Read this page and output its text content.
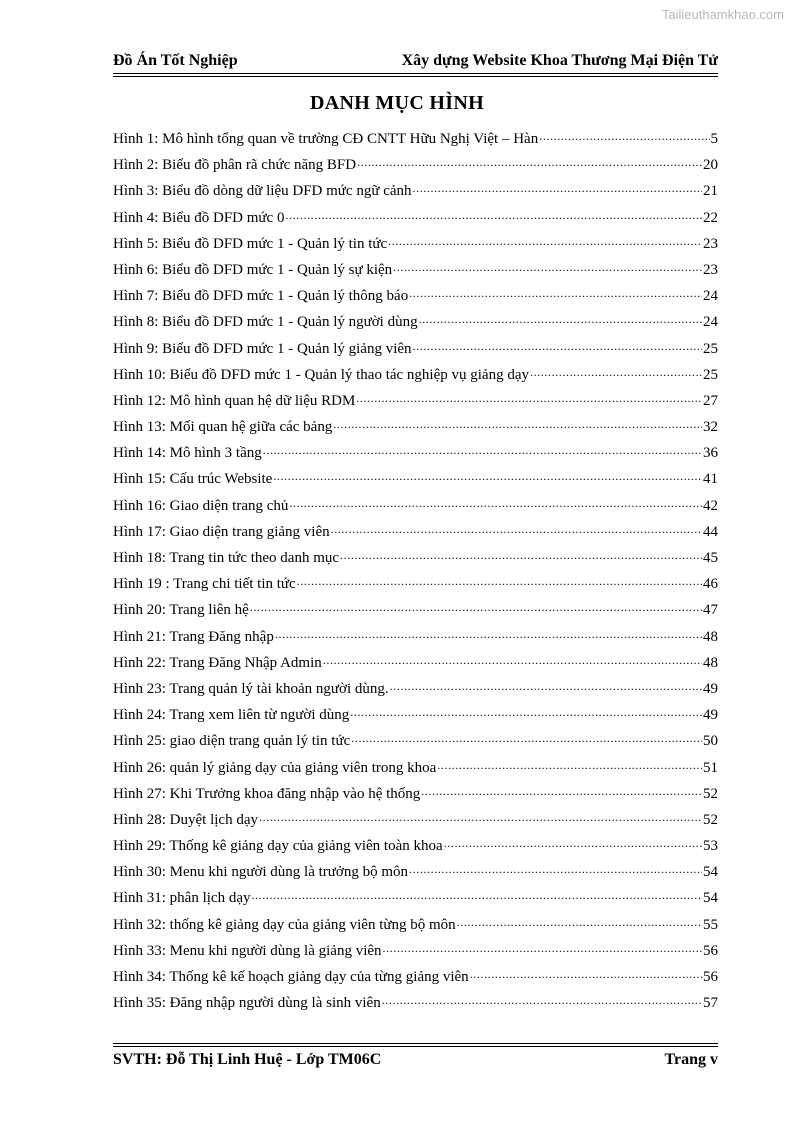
Tailieuthamkhao.com
Đồ Án Tốt Nghiệp	Xây dựng Website Khoa Thương Mại Điện Tử
DANH MỤC HÌNH
Hình 1: Mô hình tổng quan về trường CĐ CNTT Hữu Nghị Việt – Hàn .....	5
Hình 2: Biểu đồ phân rã chức năng BFD .....	20
Hình 3: Biểu đồ dòng dữ liệu DFD mức ngữ cảnh .....	21
Hình 4: Biểu đồ DFD mức 0 .....	22
Hình 5: Biểu đồ DFD mức 1 - Quản lý tin tức .....	23
Hình 6: Biểu đồ DFD mức 1 - Quản lý sự kiện .....	23
Hình 7: Biểu đồ DFD mức 1 - Quản lý thông báo .....	24
Hình 8: Biểu đồ DFD mức 1 - Quản lý người dùng .....	24
Hình 9: Biểu đồ DFD mức 1 - Quản lý giảng viên .....	25
Hình 10: Biểu đồ DFD mức 1 - Quản lý thao tác nghiệp vụ giảng dạy .....	25
Hình 12: Mô hình quan hệ dữ liệu RDM .....	27
Hình 13: Mối quan hệ giữa các bảng .....	32
Hình 14: Mô hình 3 tầng .....	36
Hình 15: Cấu trúc Website .....	41
Hình 16: Giao diện trang chủ .....	42
Hình 17: Giao diện trang giảng viên .....	44
Hình 18: Trang tin tức theo danh mục .....	45
Hình 19 : Trang chi tiết tin tức .....	46
Hình 20: Trang liên hệ .....	47
Hình 21: Trang Đăng nhập .....	48
Hình 22: Trang Đăng Nhập Admin .....	48
Hình 23: Trang quản lý tài khoản người dùng. .....	49
Hình 24: Trang xem liên từ người dùng .....	49
Hình 25: giao diện trang quản lý tin tức .....	50
Hình 26: quản lý giảng dạy của giảng viên trong khoa .....	51
Hình 27: Khi Trưởng khoa đăng nhập vào hệ thống .....	52
Hình 28: Duyệt lịch dạy .....	52
Hình 29: Thống kê giảng dạy của giảng viên toàn khoa .....	53
Hình 30: Menu khi người dùng là trưởng bộ môn .....	54
Hình 31: phân lịch dạy .....	54
Hình 32: thống kê giảng dạy của giảng viên từng bộ môn .....	55
Hình 33: Menu khi người dùng là giảng viên .....	56
Hình 34: Thống kê kế hoạch giảng dạy của từng giảng viên .....	56
Hình 35: Đăng nhập người dùng là sinh viên .....	57
SVTH: Đỗ Thị Linh Huệ - Lớp TM06C	Trang v
